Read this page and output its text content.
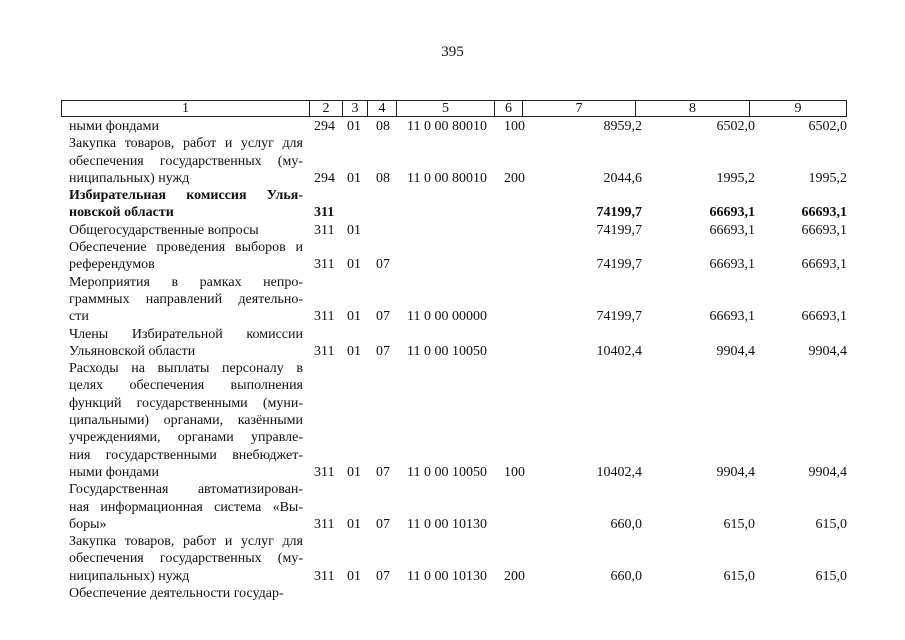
395
1	2	3	4	5	6	7	8	9
ными фондами	294 01 08 11 0 00 80010 100	8959,2	6502,0	6502,0
Закупка товаров, работ и услуг для
обеспечения государственных (му-
ниципальных) нужд	294 01 08 11 0 00 80010 200	2044,6	1995,2	1995,2
Избирательная комиссия Улья-
новской области	311	74199,7	66693,1	66693,1
Общегосударственные вопросы	311 01	74199,7	66693,1	66693,1
Обеспечение проведения выборов и
референдумов	311 01 07	74199,7	66693,1	66693,1
Мероприятия в рамках непро-
граммных направлений деятельно-
сти	311 01 07 11 0 00 00000	74199,7	66693,1	66693,1
Члены Избирательной комиссии
Ульяновской области	311 01 07 11 0 00 10050	10402,4	9904,4	9904,4
Расходы на выплаты персоналу в
целях обеспечения выполнения
функций государственными (муни-
ципальными) органами, казёнными
учреждениями, органами управле-
ния государственными внебюджет-
ными фондами	311 01 07 11 0 00 10050 100	10402,4	9904,4	9904,4
Государственная автоматизирован-
ная информационная система «Вы-
боры»	311 01 07 11 0 00 10130	660,0	615,0	615,0
Закупка товаров, работ и услуг для
обеспечения государственных (му-
ниципальных) нужд	311 01 07 11 0 00 10130 200	660,0	615,0	615,0
Обеспечение деятельности государ-
